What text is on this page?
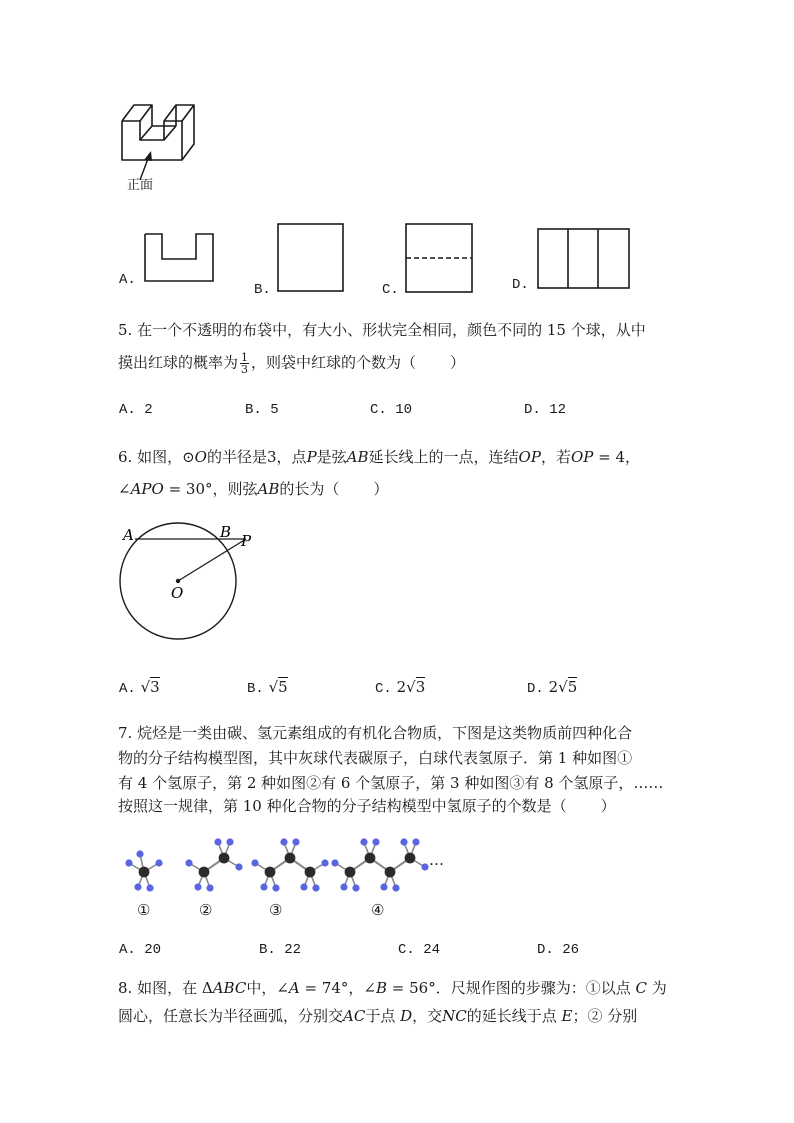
正面
A.
B.	C.	D.
5. 在一个不透明的布袋中，有大小、形状完全相同，颜色不同的 15 个球，从中
摸出红球的概率为 $\frac{1}{3}$ ，则袋中红球的个数为（ ）
A. 2	B. 5	C. 10	D. 12
6. 如图，⊙O的半径是3，点P是弦AB延长线上的一点，连结OP，若OP = 4，
∠APO = 30°，则弦AB的长为（ ）
A	B P
O
A. √3	B. √5	C. 2√3	D. 2√5
7. 烷烃是一类由碳、氢元素组成的有机化合物质，下图是这类物质前四种化合
物的分子结构模型图，其中灰球代表碳原子，白球代表氢原子．第 1 种如图①
有 4 个氢原子，第 2 种如图②有 6 个氢原子，第 3 种如图③有 8 个氢原子，……
按照这一规律，第 10 种化合物的分子结构模型中氢原子的个数是（ ）
…
①	②	③	④
A. 20	B. 22	C. 24	D. 26
8. 如图，在 ΔABC中，∠A = 74°，∠B = 56°．尺规作图的步骤为：①以点 C 为
圆心，任意长为半径画弧，分别交AC于点 D，交NC的延长线于点 E；② 分别
